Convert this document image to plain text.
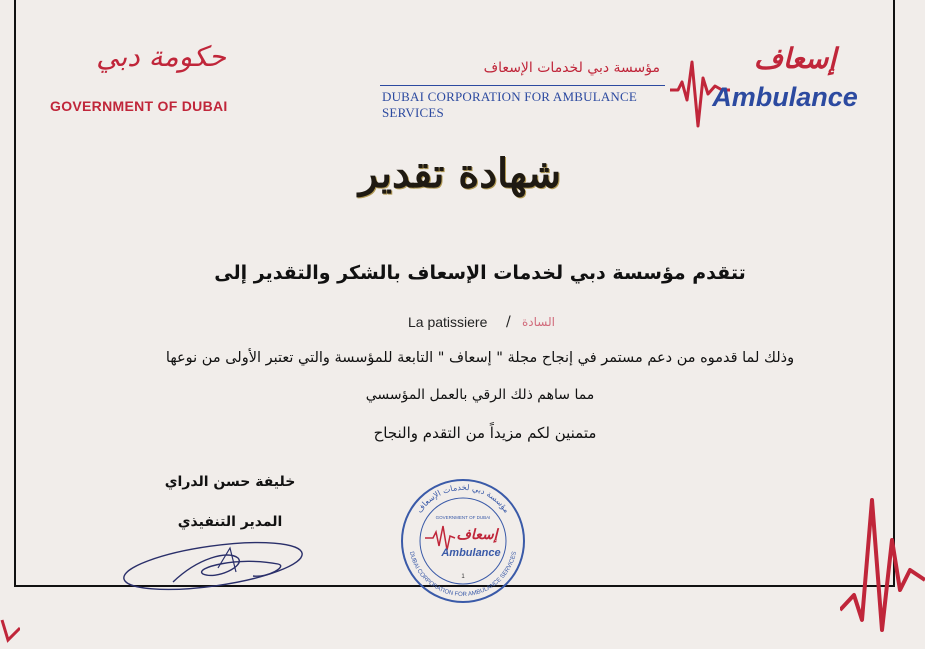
حكومة دبي
GOVERNMENT OF DUBAI
مؤسسة دبي لخدمات الإسعاف
DUBAI CORPORATION FOR AMBULANCE SERVICES
إسعاف
Ambulance
شهادة تقدير
تتقدم مؤسسة دبي لخدمات الإسعاف بالشكر والتقدير إلى
La patissiere / السادة
وذلك لما قدموه من دعم مستمر في إنجاح مجلة " إسعاف " التابعة للمؤسسة والتي تعتبر الأولى من نوعها
مما ساهم ذلك الرقي بالعمل المؤسسي
متمنين لكم مزيداً من التقدم والنجاح
خليفة حسن الدراي
المدير التنفيذي
مؤسسة دبي لخدمات الإسعاف
DUBAI CORPORATION FOR AMBULANCE SERVICES
GOVERNMENT OF DUBAI
إسعاف
Ambulance
1
